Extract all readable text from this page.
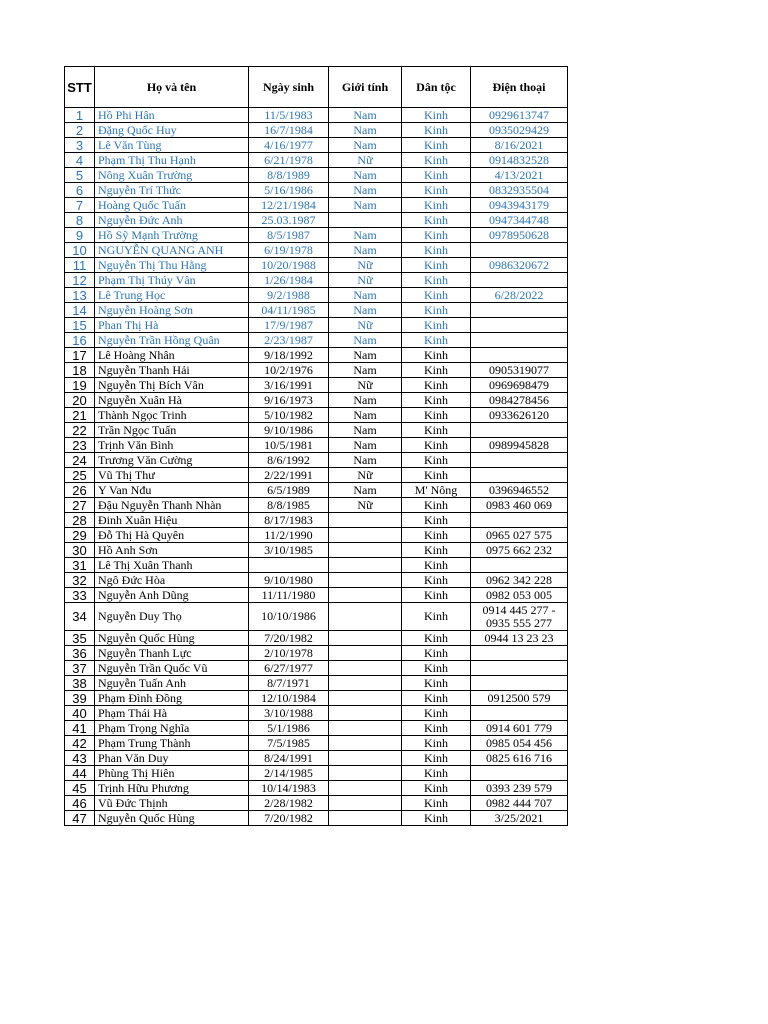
STT	Họ và tên	Ngày sinh	Giới tính	Dân tộc	Điện thoại
1	Hồ Phi Hân	11/5/1983	Nam	Kinh	0929613747
2	Đặng Quốc Huy	16/7/1984	Nam	Kinh	0935029429
3	Lê Văn Tùng	4/16/1977	Nam	Kinh	8/16/2021
4	Phạm Thị Thu Hạnh	6/21/1978	Nữ	Kinh	0914832528
5	Nông Xuân Trường	8/8/1989	Nam	Kinh	4/13/2021
6	Nguyễn Trí Thức	5/16/1986	Nam	Kinh	0832935504
7	Hoàng Quốc Tuấn	12/21/1984	Nam	Kinh	0943943179
8	Nguyễn Đức Anh	25.03.1987		Kinh	0947344748
9	Hồ Sỹ Mạnh Trường	8/5/1987	Nam	Kinh	0978950628
10	NGUYỄN QUANG ANH	6/19/1978	Nam	Kinh	
11	Nguyễn Thị Thu Hằng	10/20/1988	Nữ	Kinh	0986320672
12	Phạm Thị Thúy Vân	1/26/1984	Nữ	Kinh	
13	Lê Trung Học	9/2/1988	Nam	Kinh	6/28/2022
14	Nguyễn Hoàng Sơn	04/11/1985	Nam	Kinh	
15	Phan Thị Hà	17/9/1987	Nữ	Kinh	
16	Nguyễn Trần Hồng Quân	2/23/1987	Nam	Kinh	
17	Lê Hoàng Nhân	9/18/1992	Nam	Kinh	
18	Nguyễn Thanh Hải	10/2/1976	Nam	Kinh	0905319077
19	Nguyễn Thị Bích Vân	3/16/1991	Nữ	Kinh	0969698479
20	Nguyễn Xuân Hà	9/16/1973	Nam	Kinh	0984278456
21	Thành Ngọc Trinh	5/10/1982	Nam	Kinh	0933626120
22	Trần Ngọc Tuấn	9/10/1986	Nam	Kinh	
23	Trịnh Văn Bình	10/5/1981	Nam	Kinh	0989945828
24	Trương Văn Cường	8/6/1992	Nam	Kinh	
25	Vũ Thị Thư	2/22/1991	Nữ	Kinh	
26	Y Van Nđu	6/5/1989	Nam	M' Nông	0396946552
27	Đậu Nguyễn Thanh Nhàn	8/8/1985	Nữ	Kinh	0983 460 069
28	Đinh Xuân Hiệu	8/17/1983		Kinh	
29	Đỗ Thị Hà Quyên	11/2/1990		Kinh	0965 027 575
30	Hồ Anh Sơn	3/10/1985		Kinh	0975 662 232
31	Lê Thị Xuân Thanh			Kinh	
32	Ngô Đức Hòa	9/10/1980		Kinh	0962 342 228
33	Nguyễn Anh Dũng	11/11/1980		Kinh	0982 053 005
34	Nguyễn Duy Thọ	10/10/1986		Kinh	0914 445 277 - 0935 555 277
35	Nguyễn Quốc Hùng	7/20/1982		Kinh	0944 13 23 23
36	Nguyễn Thanh Lực	2/10/1978		Kinh	
37	Nguyễn Trần Quốc Vũ	6/27/1977		Kinh	
38	Nguyễn Tuấn Anh	8/7/1971		Kinh	
39	Phạm Đình Đồng	12/10/1984		Kinh	0912500 579
40	Phạm Thái Hà	3/10/1988		Kinh	
41	Phạm Trọng Nghĩa	5/1/1986		Kinh	0914 601 779
42	Phạm Trung Thành	7/5/1985		Kinh	0985 054 456
43	Phan Văn Duy	8/24/1991		Kinh	0825 616 716
44	Phùng Thị Hiên	2/14/1985		Kinh	
45	Trịnh Hữu Phương	10/14/1983		Kinh	0393 239 579
46	Vũ Đức Thịnh	2/28/1982		Kinh	0982 444 707
47	Nguyễn Quốc Hùng	7/20/1982		Kinh	3/25/2021
